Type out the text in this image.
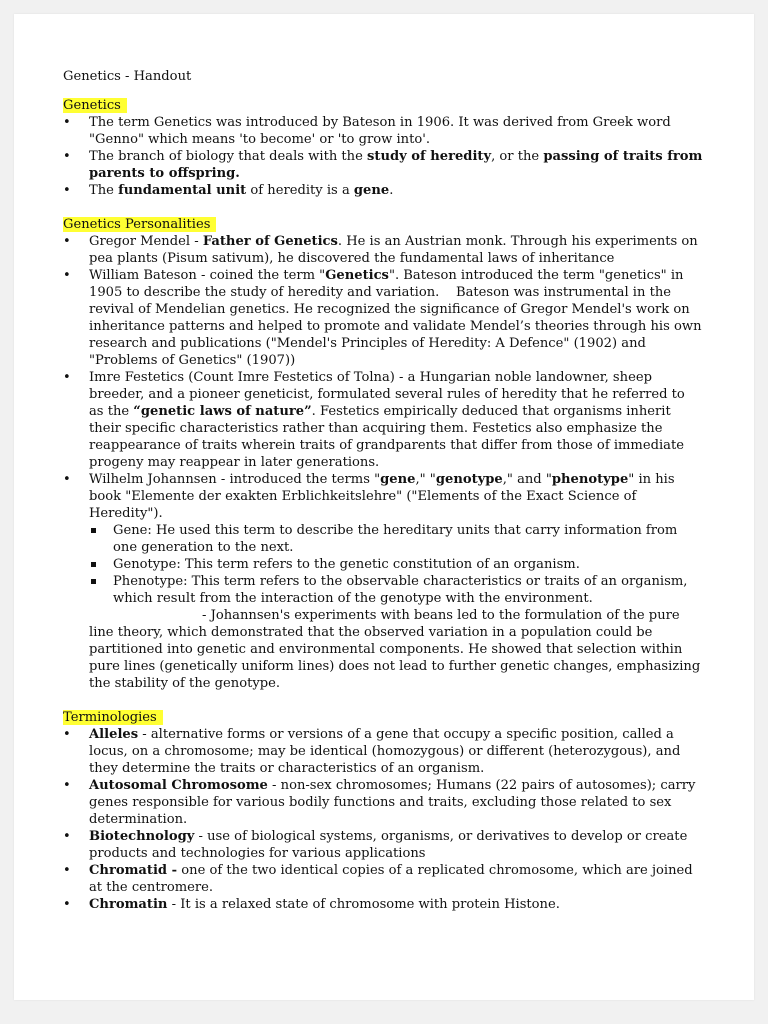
Genetics - Handout

Genetics

• The term Genetics was introduced by Bateson in 1906. It was derived from Greek word "Genno" which means 'to become' or 'to grow into'.
• The branch of biology that deals with the study of heredity, or the passing of traits from parents to offspring.
• The fundamental unit of heredity is a gene.

Genetics Personalities

• Gregor Mendel - Father of Genetics. He is an Austrian monk. Through his experiments on pea plants (Pisum sativum), he discovered the fundamental laws of inheritance
• William Bateson - coined the term "Genetics". Bateson introduced the term "genetics" in 1905 to describe the study of heredity and variation.    Bateson was instrumental in the revival of Mendelian genetics. He recognized the significance of Gregor Mendel's work on inheritance patterns and helped to promote and validate Mendel’s theories through his own research and publications ("Mendel's Principles of Heredity: A Defence" (1902) and "Problems of Genetics" (1907))
• Imre Festetics (Count Imre Festetics of Tolna) - a Hungarian noble landowner, sheep breeder, and a pioneer geneticist, formulated several rules of heredity that he referred to as the “genetic laws of nature”. Festetics empirically deduced that organisms inherit their specific characteristics rather than acquiring them. Festetics also emphasize the reappearance of traits wherein traits of grandparents that differ from those of immediate progeny may reappear in later generations.
• Wilhelm Johannsen - introduced the terms "gene," "genotype," and "phenotype" in his book "Elemente der exakten Erblichkeitslehre" ("Elements of the Exact Science of Heredity").
Gene: He used this term to describe the hereditary units that carry information from one generation to the next.
Genotype: This term refers to the genetic constitution of an organism.
Phenotype: This term refers to the observable characteristics or traits of an organism, which result from the interaction of the genotype with the environment.
- Johannsen's experiments with beans led to the formulation of the pure line theory, which demonstrated that the observed variation in a population could be partitioned into genetic and environmental components. He showed that selection within pure lines (genetically uniform lines) does not lead to further genetic changes, emphasizing the stability of the genotype.

Terminologies

• Alleles - alternative forms or versions of a gene that occupy a specific position, called a locus, on a chromosome; may be identical (homozygous) or different (heterozygous), and they determine the traits or characteristics of an organism.
• Autosomal Chromosome - non-sex chromosomes; Humans (22 pairs of autosomes); carry genes responsible for various bodily functions and traits, excluding those related to sex determination.
• Biotechnology - use of biological systems, organisms, or derivatives to develop or create products and technologies for various applications
• Chromatid - one of the two identical copies of a replicated chromosome, which are joined at the centromere.
• Chromatin - It is a relaxed state of chromosome with protein Histone.
